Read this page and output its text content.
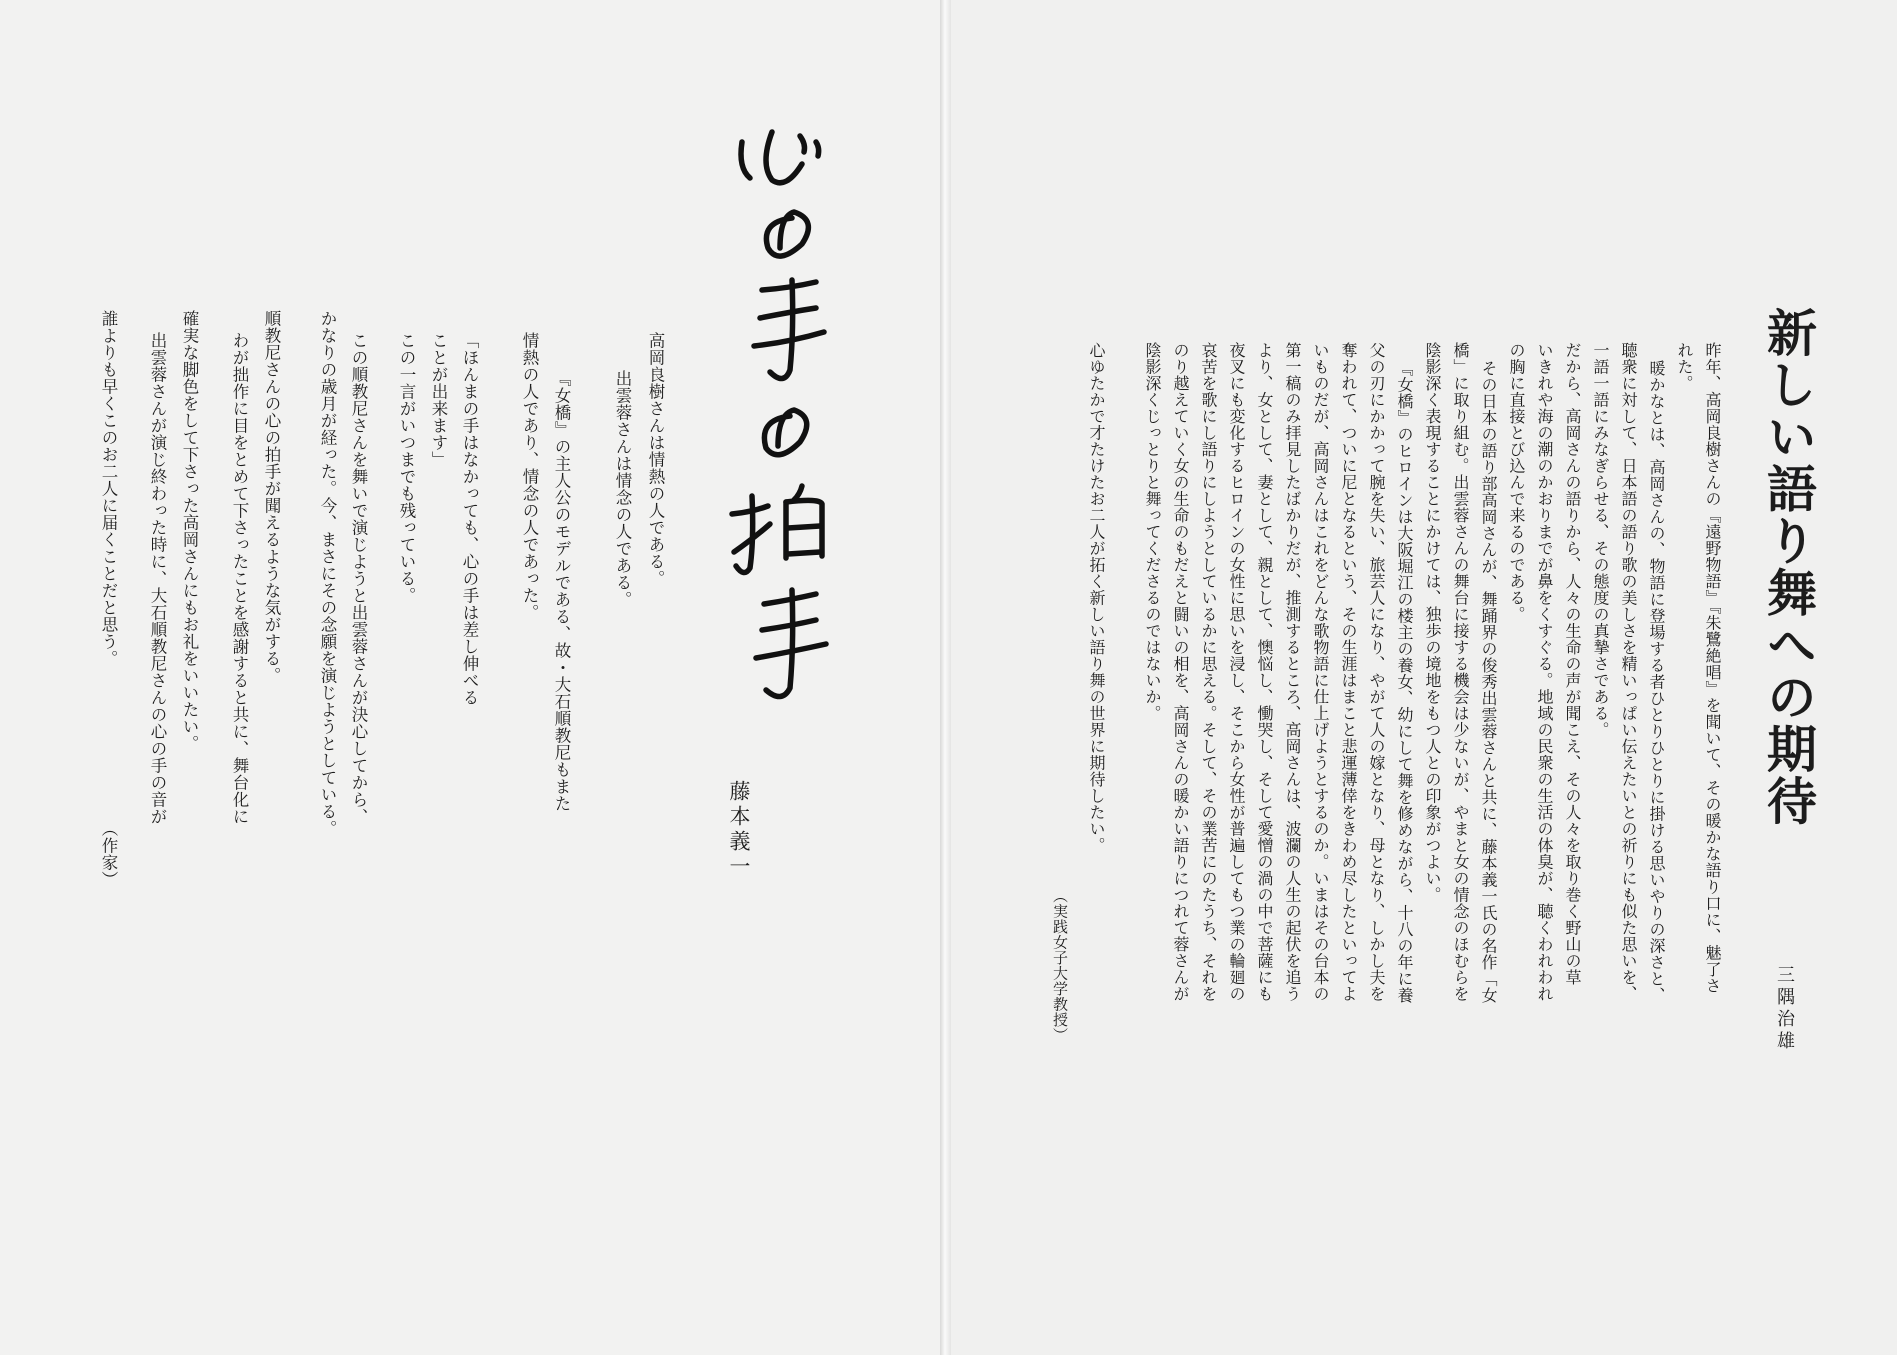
藤本義一
高岡良樹さんは情熱の人である。
出雲蓉さんは情念の人である。
『女橋』の主人公のモデルである、故・大石順教尼もまた
情熱の人であり、情念の人であった。
「ほんまの手はなかっても、心の手は差し伸べる
ことが出来ます」
この一言がいつまでも残っている。
この順教尼さんを舞いで演じようと出雲蓉さんが決心してから、
かなりの歳月が経った。今、まさにその念願を演じようとしている。
順教尼さんの心の拍手が聞えるような気がする。
わが拙作に目をとめて下さったことを感謝すると共に、舞台化に
確実な脚色をして下さった高岡さんにもお礼をいいたい。
出雲蓉さんが演じ終わった時に、大石順教尼さんの心の手の音が
誰よりも早くこのお二人に届くことだと思う。
（作家）
新しい語り舞への期待
三隅治雄
昨年、高岡良樹さんの『遠野物語』『朱鷺絶唱』を聞いて、その暖かな語り口に、魅了さ
れた。
暖かなとは、高岡さんの、物語に登場する者ひとりひとりに掛ける思いやりの深さと、
聴衆に対して、日本語の語り歌の美しさを精いっぱい伝えたいとの祈りにも似た思いを、
一語一語にみなぎらせる、その態度の真摯さである。
だから、高岡さんの語りから、人々の生命の声が聞こえ、その人々を取り巻く野山の草
いきれや海の潮のかおりまでが鼻をくすぐる。地域の民衆の生活の体臭が、聴くわれわれ
の胸に直接とび込んで来るのである。
その日本の語り部高岡さんが、舞踊界の俊秀出雲蓉さんと共に、藤本義一氏の名作「女
橋」に取り組む。出雲蓉さんの舞台に接する機会は少ないが、やまと女の情念のほむらを
陰影深く表現することにかけては、独歩の境地をもつ人との印象がつよい。
『女橋』のヒロインは大阪堀江の楼主の養女、幼にして舞を修めながら、十八の年に養
父の刃にかかって腕を失い、旅芸人になり、やがて人の嫁となり、母となり、しかし夫を
奪われて、ついに尼となるという、その生涯はまこと悲運薄倖をきわめ尽したといってよ
いものだが、高岡さんはこれをどんな歌物語に仕上げようとするのか。いまはその台本の
第一稿のみ拝見したばかりだが、推測するところ、高岡さんは、波瀾の人生の起伏を追う
より、女として、妻として、親として、懊悩し、慟哭し、そして愛憎の渦の中で菩薩にも
夜叉にも変化するヒロインの女性に思いを浸し、そこから女性が普遍してもつ業の輪廻の
哀苦を歌にし語りにしようとしているかに思える。そして、その業苦にのたうち、それを
のり越えていく女の生命のもだえと闘いの相を、高岡さんの暖かい語りにつれて蓉さんが
陰影深くじっとりと舞ってくださるのではないか。
心ゆたかで才たけたお二人が拓く新しい語り舞の世界に期待したい。
（実践女子大学教授）
